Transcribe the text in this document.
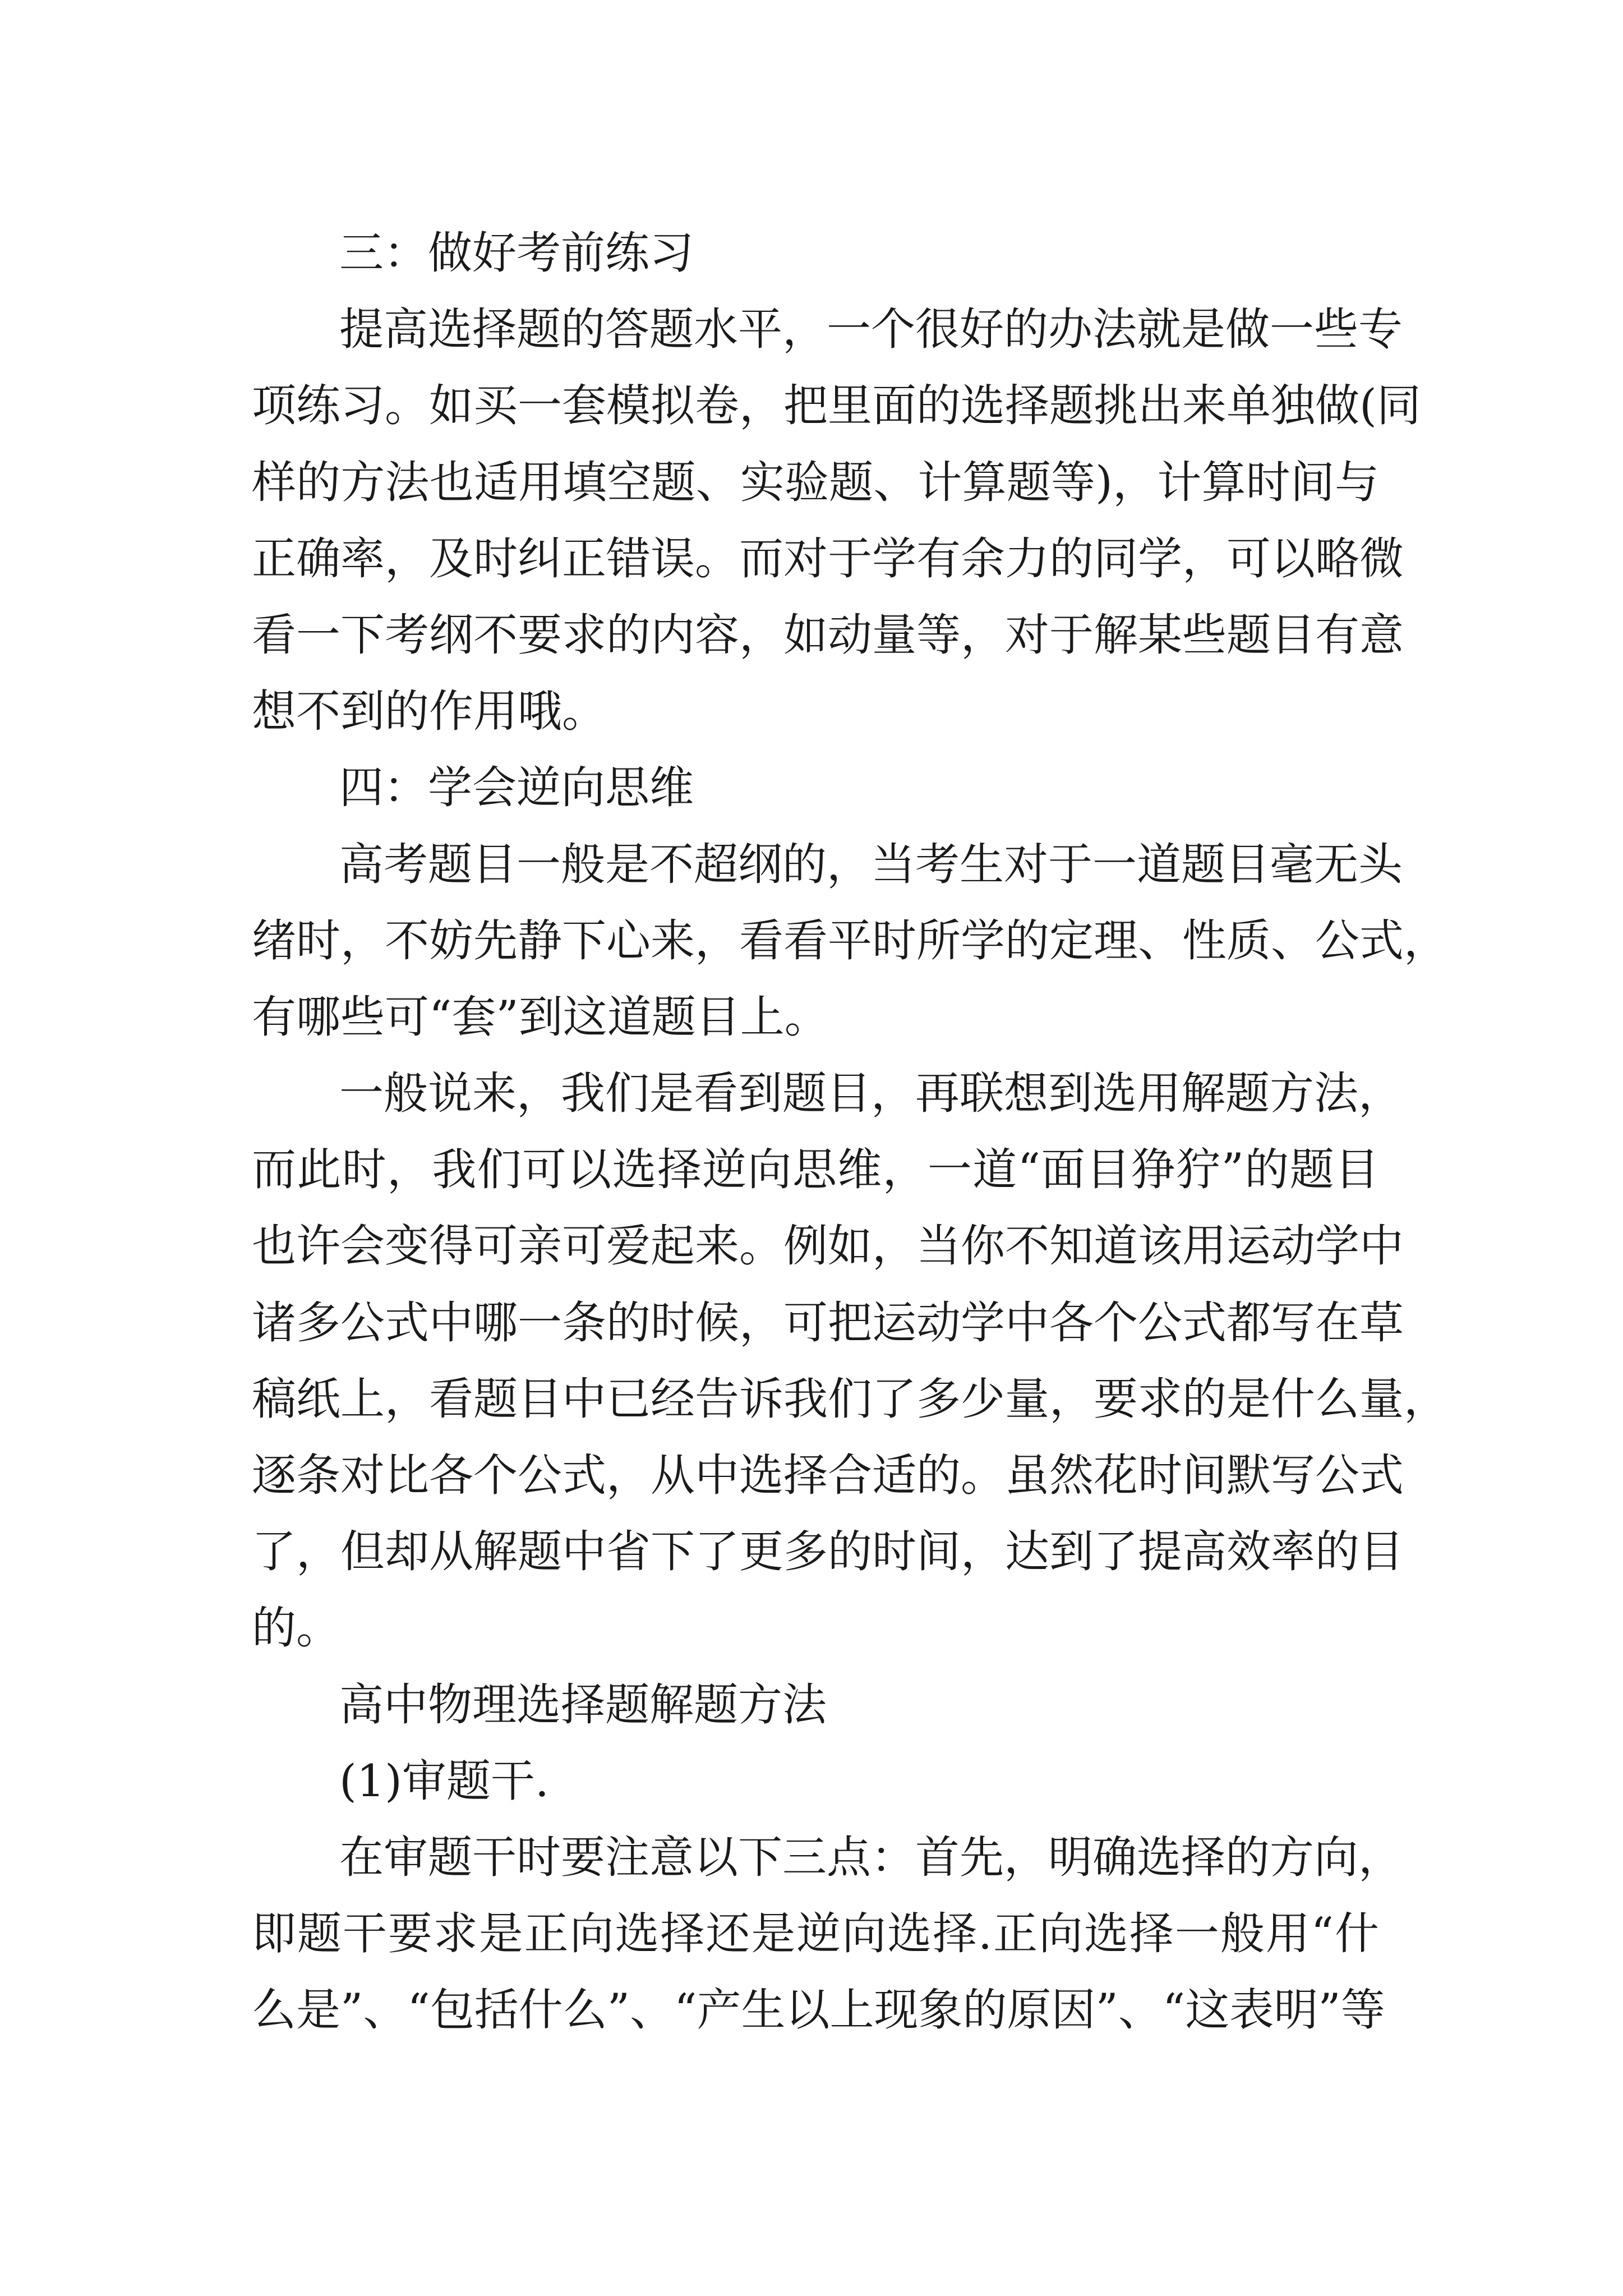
三：做好考前练习
提高选择题的答题水平，一个很好的办法就是做一些专
项练习。如买一套模拟卷，把里面的选择题挑出来单独做(同
样的方法也适用填空题、实验题、计算题等)，计算时间与
正确率，及时纠正错误。而对于学有余力的同学，可以略微
看一下考纲不要求的内容，如动量等，对于解某些题目有意
想不到的作用哦。
四：学会逆向思维
高考题目一般是不超纲的，当考生对于一道题目毫无头
绪时，不妨先静下心来，看看平时所学的定理、性质、公式，
有哪些可“套”到这道题目上。
一般说来，我们是看到题目，再联想到选用解题方法，
而此时，我们可以选择逆向思维，一道“面目狰狞”的题目
也许会变得可亲可爱起来。例如，当你不知道该用运动学中
诸多公式中哪一条的时候，可把运动学中各个公式都写在草
稿纸上，看题目中已经告诉我们了多少量，要求的是什么量，
逐条对比各个公式，从中选择合适的。虽然花时间默写公式
了，但却从解题中省下了更多的时间，达到了提高效率的目
的。
高中物理选择题解题方法
(1)审题干.
在审题干时要注意以下三点：首先，明确选择的方向，
即题干要求是正向选择还是逆向选择.正向选择一般用“什
么是”、“包括什么”、“产生以上现象的原因”、“这表明”等
